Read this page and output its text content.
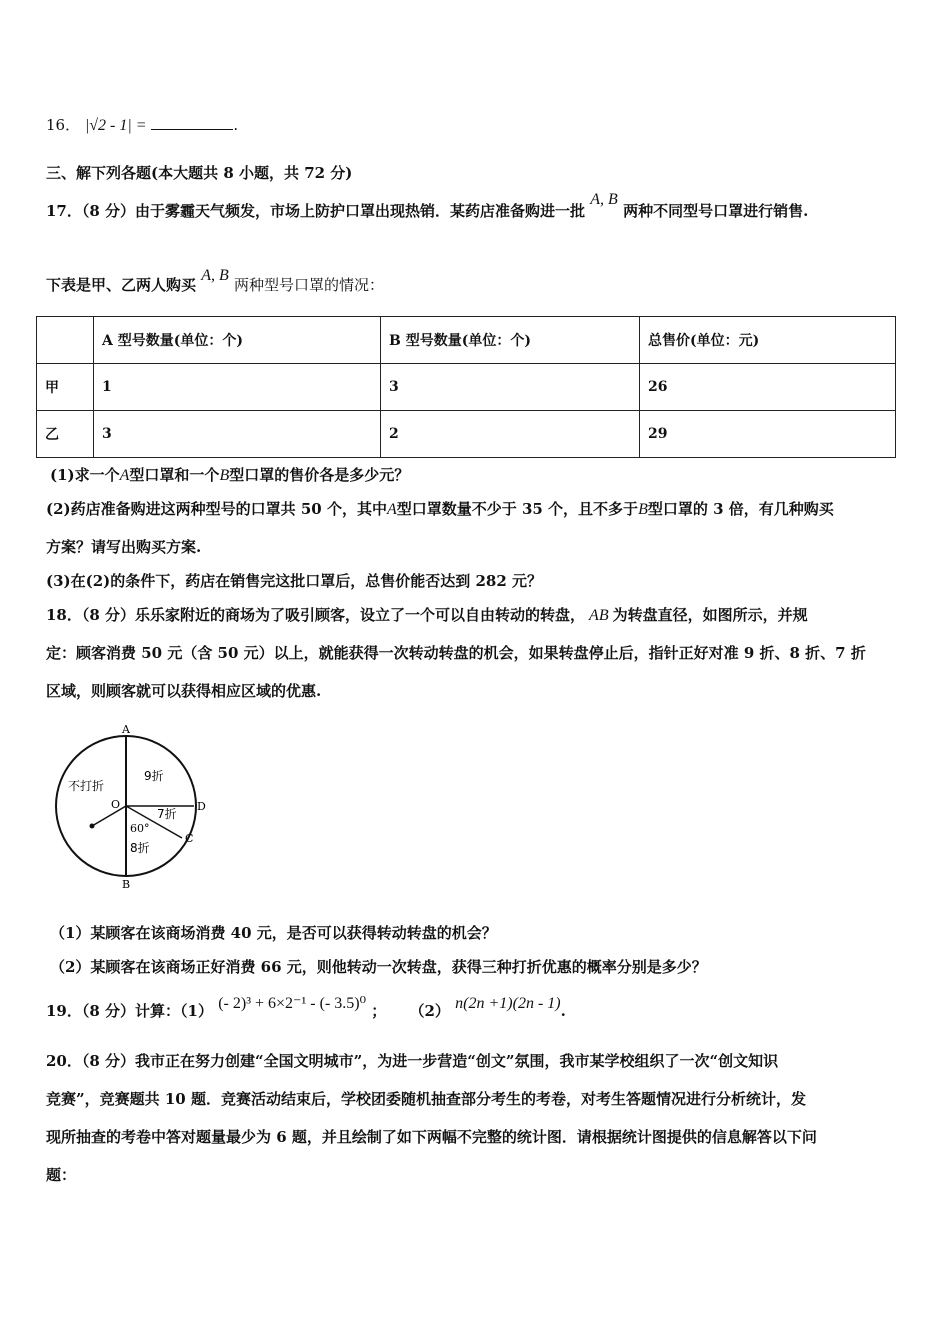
16． |√2 - 1| =	.
三、解下列各题(本大题共 8 小题，共 72 分)
17．（8 分）由于雾霾天气频发，市场上防护口罩出现热销．某药店准备购进一批 A, B 两种不同型号口罩进行销售.
下表是甲、乙两人购买 A, B 两种型号口罩的情况：
	A 型号数量(单位：个)	B 型号数量(单位：个)	总售价(单位：元)
甲	1	3	26
乙	3	2	29
(1)求一个A型口罩和一个B型口罩的售价各是多少元？
(2)药店准备购进这两种型号的口罩共 50 个，其中A型口罩数量不少于 35 个，且不多于B型口罩的 3 倍，有几种购买
方案？请写出购买方案.
(3)在(2)的条件下，药店在销售完这批口罩后，总售价能否达到 282 元？
18．（8 分）乐乐家附近的商场为了吸引顾客，设立了一个可以自由转动的转盘， AB 为转盘直径，如图所示，并规
定：顾客消费 50 元（含 50 元）以上，就能获得一次转动转盘的机会，如果转盘停止后，指针正好对准 9 折、8 折、7 折
区域，则顾客就可以获得相应区域的优惠.
A
B
C
D
O
不打折
9折
7折
8折
60°
（1）某顾客在该商场消费 40 元，是否可以获得转动转盘的机会？
（2）某顾客在该商场正好消费 66 元，则他转动一次转盘，获得三种打折优惠的概率分别是多少？
19．（8 分）计算：（1） (- 2)³ + 6×2⁻¹ - (- 3.5)⁰ ； （2） n(2n +1)(2n - 1).
20．（8 分）我市正在努力创建“全国文明城市”，为进一步营造“创文”氛围，我市某学校组织了一次“创文知识
竞赛”，竞赛题共 10 题．竞赛活动结束后，学校团委随机抽查部分考生的考卷，对考生答题情况进行分析统计，发
现所抽查的考卷中答对题量最少为 6 题，并且绘制了如下两幅不完整的统计图．请根据统计图提供的信息解答以下问
题：
